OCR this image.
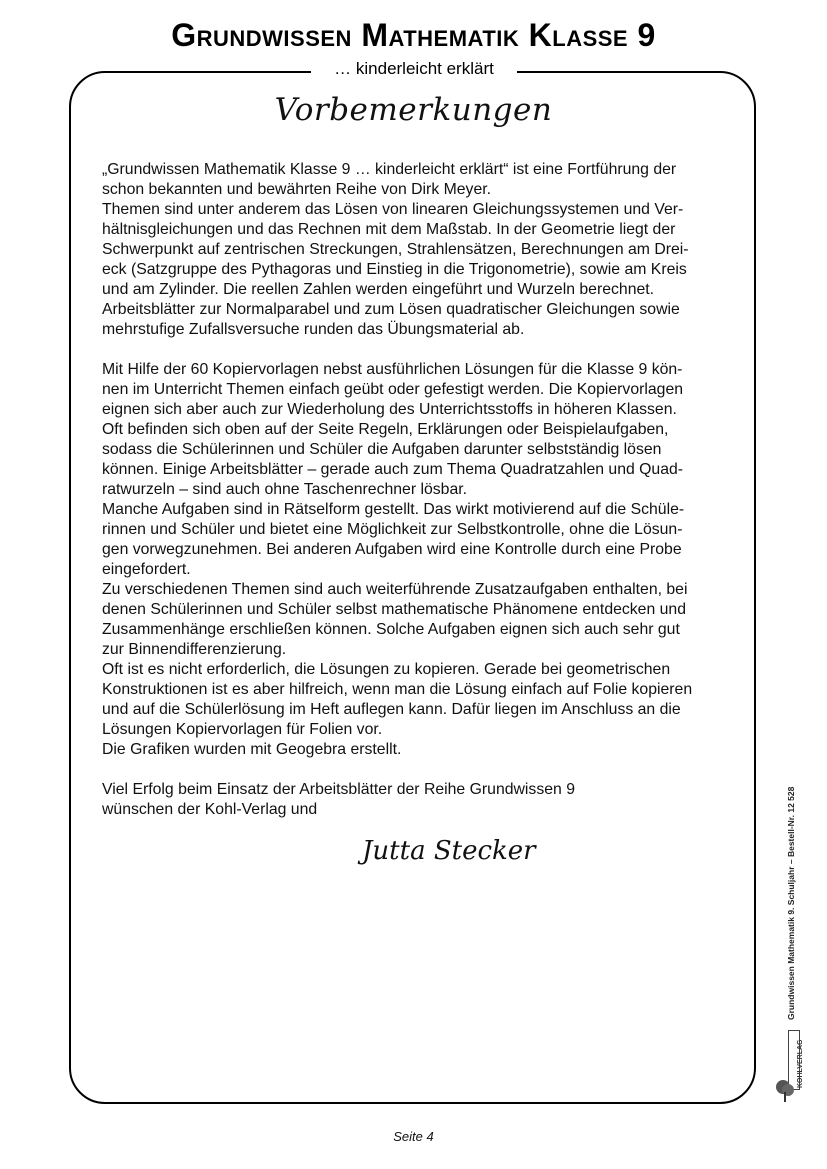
Grundwissen Mathematik Klasse 9
… kinderleicht erklärt
Vorbemerkungen

„Grundwissen Mathematik Klasse 9 … kinderleicht erklärt“ ist eine Fortführung der
schon bekannten und bewährten Reihe von Dirk Meyer.
Themen sind unter anderem das Lösen von linearen Gleichungssystemen und Ver-
hältnisgleichungen und das Rechnen mit dem Maßstab. In der Geometrie liegt der
Schwerpunkt auf zentrischen Streckungen, Strahlensätzen, Berechnungen am Drei-
eck (Satzgruppe des Pythagoras und Einstieg in die Trigonometrie), sowie am Kreis
und am Zylinder. Die reellen Zahlen werden eingeführt und Wurzeln berechnet.
Arbeitsblätter zur Normalparabel und zum Lösen quadratischer Gleichungen sowie
mehrstufige Zufallsversuche runden das Übungsmaterial ab.

Mit Hilfe der 60 Kopiervorlagen nebst ausführlichen Lösungen für die Klasse 9 kön-
nen im Unterricht Themen einfach geübt oder gefestigt werden. Die Kopiervorlagen
eignen sich aber auch zur Wiederholung des Unterrichtsstoffs in höheren Klassen.
Oft befinden sich oben auf der Seite Regeln, Erklärungen oder Beispielaufgaben,
sodass die Schülerinnen und Schüler die Aufgaben darunter selbstständig lösen
können. Einige Arbeitsblätter – gerade auch zum Thema Quadratzahlen und Quad-
ratwurzeln – sind auch ohne Taschenrechner lösbar.
Manche Aufgaben sind in Rätselform gestellt. Das wirkt motivierend auf die Schüle-
rinnen und Schüler und bietet eine Möglichkeit zur Selbstkontrolle, ohne die Lösun-
gen vorwegzunehmen. Bei anderen Aufgaben wird eine Kontrolle durch eine Probe
eingefordert.
Zu verschiedenen Themen sind auch weiterführende Zusatzaufgaben enthalten, bei
denen Schülerinnen und Schüler selbst mathematische Phänomene entdecken und
Zusammenhänge erschließen können. Solche Aufgaben eignen sich auch sehr gut
zur Binnendifferenzierung.
Oft ist es nicht erforderlich, die Lösungen zu kopieren. Gerade bei geometrischen
Konstruktionen ist es aber hilfreich, wenn man die Lösung einfach auf Folie kopieren
und auf die Schülerlösung im Heft auflegen kann. Dafür liegen im Anschluss an die
Lösungen Kopiervorlagen für Folien vor.
Die Grafiken wurden mit Geogebra erstellt.

Viel Erfolg beim Einsatz der Arbeitsblätter der Reihe Grundwissen 9
wünschen der Kohl-Verlag und

Jutta Stecker	Grundwissen Mathematik 9. Schuljahr – Bestell-Nr. 12 528
KOHLVERLAG
Seite 4
